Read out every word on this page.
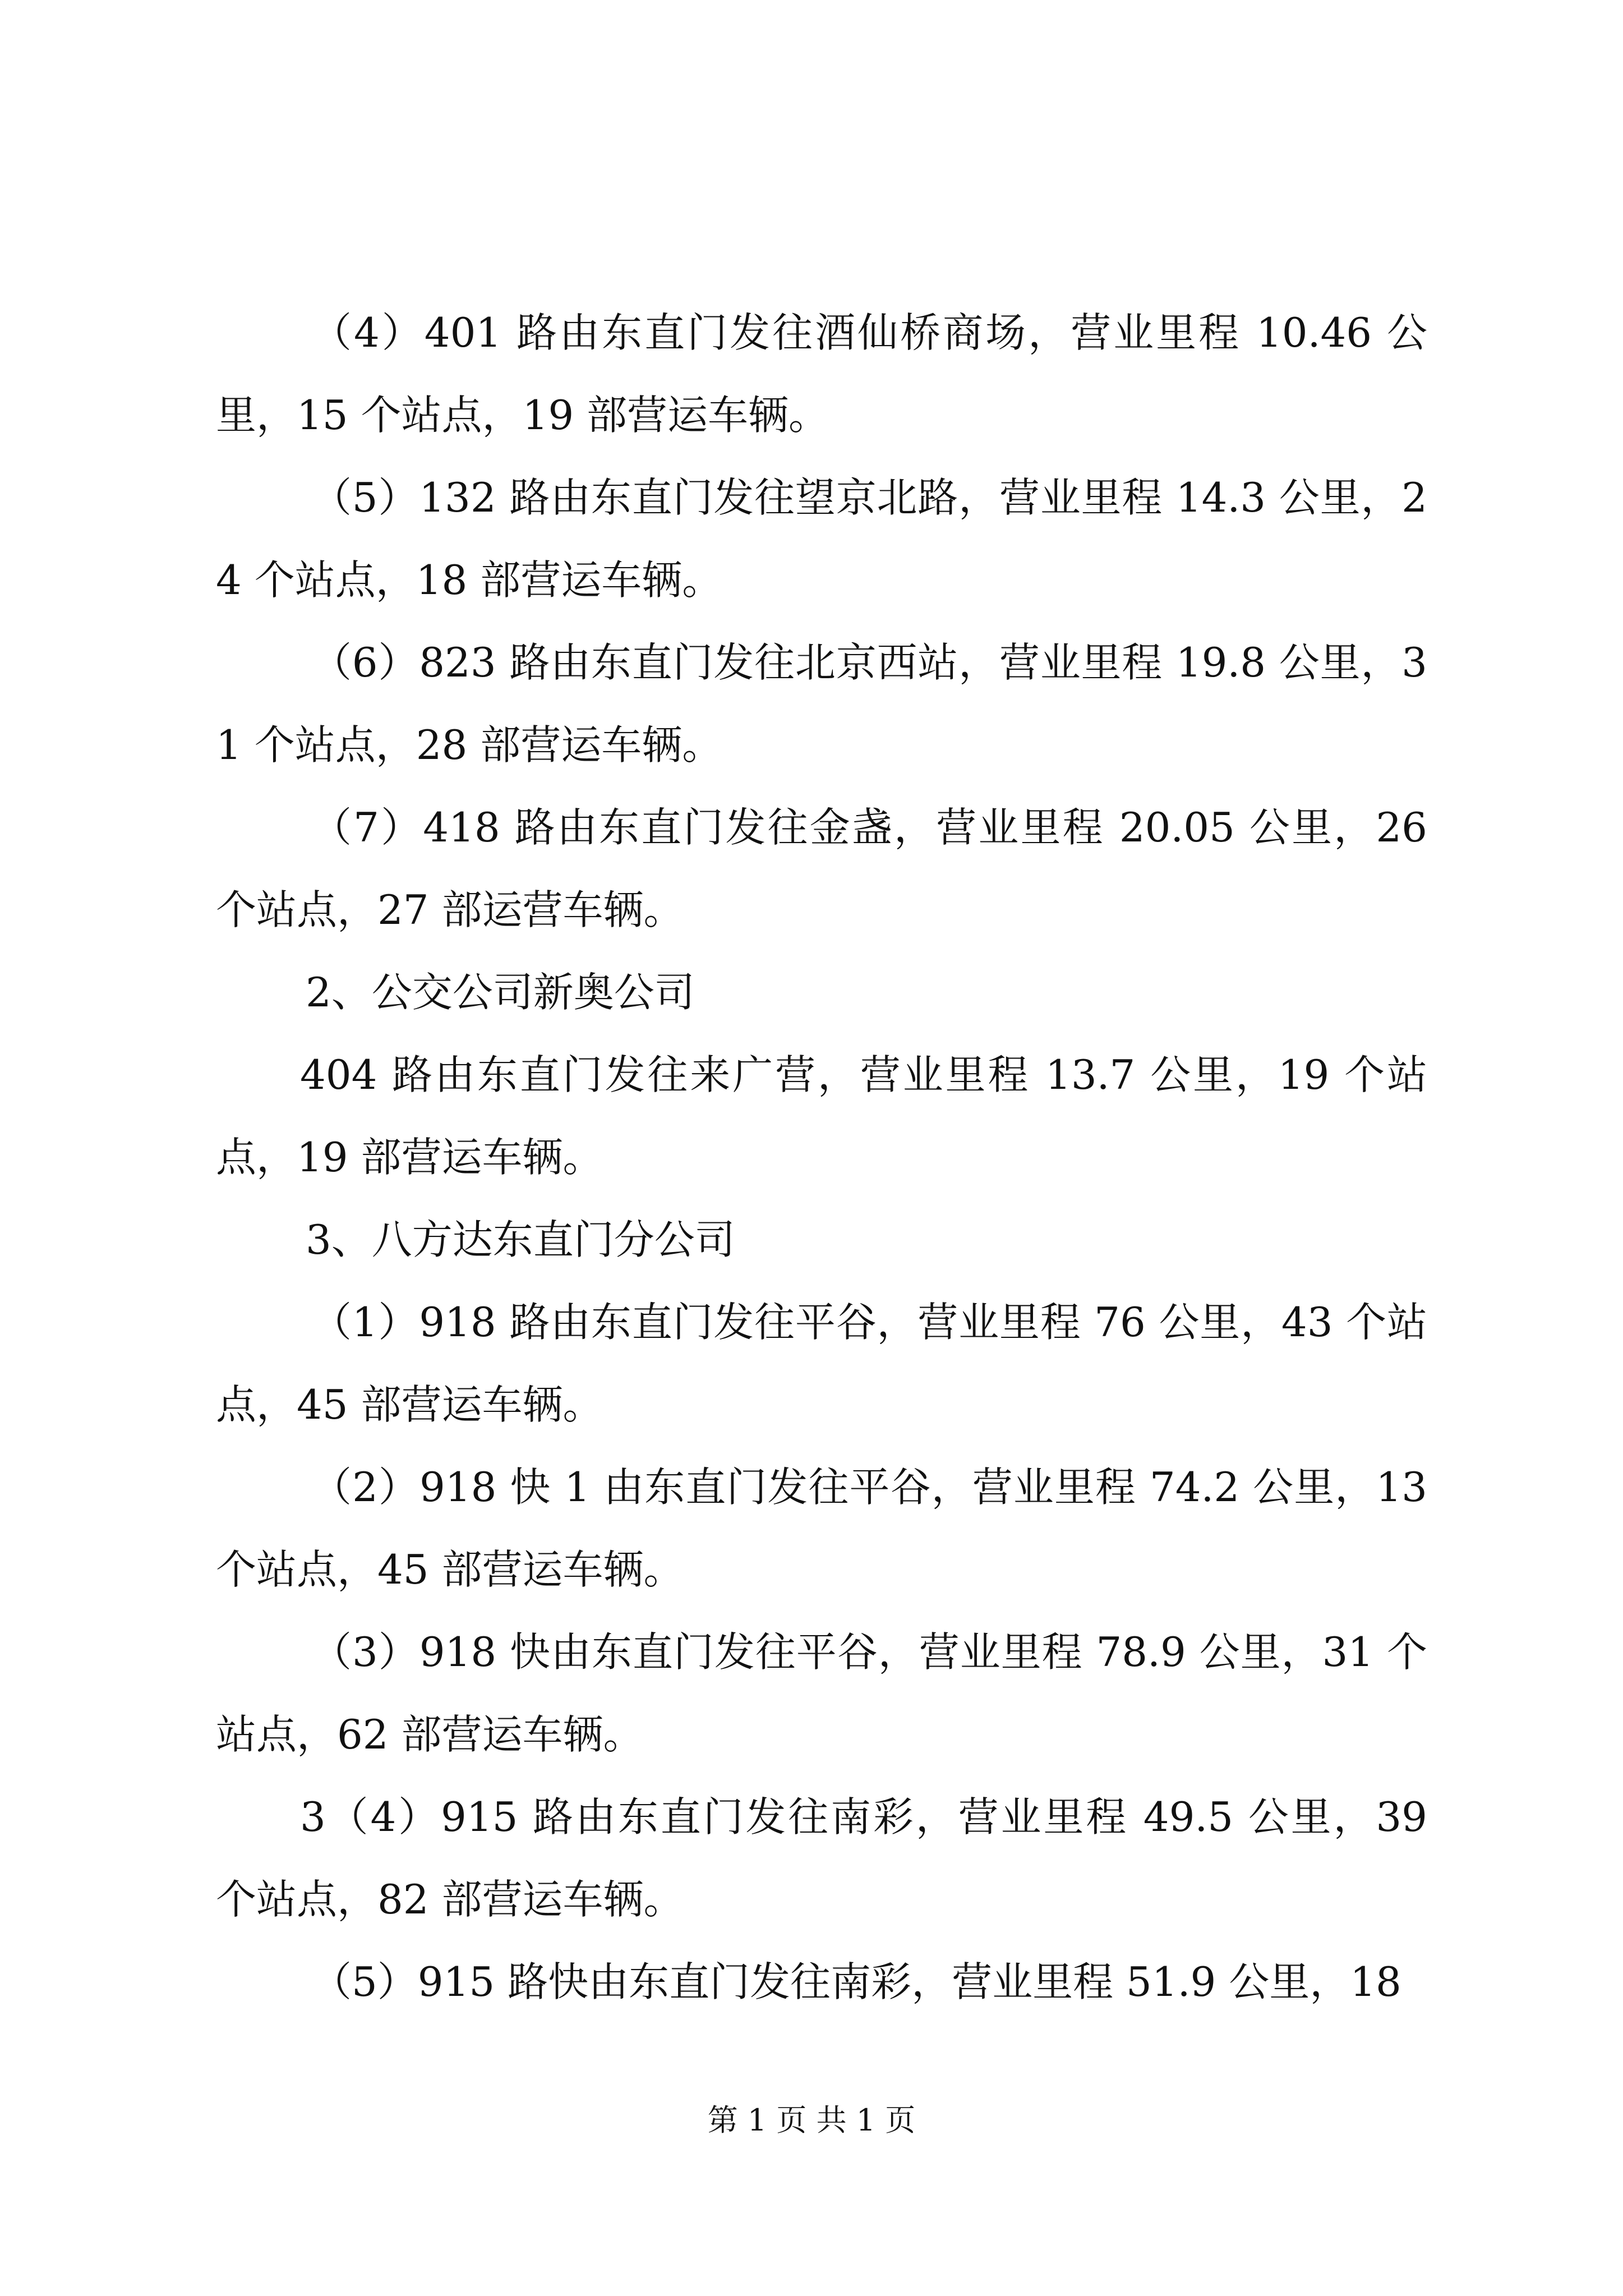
（4）401 路由东直门发往酒仙桥商场，营业里程 10.46 公里，15 个站点，19 部营运车辆。

（5）132 路由东直门发往望京北路，营业里程 14.3 公里，24 个站点，18 部营运车辆。

（6）823 路由东直门发往北京西站，营业里程 19.8 公里，31 个站点，28 部营运车辆。

（7）418 路由东直门发往金盏，营业里程 20.05 公里，26 个站点，27 部运营车辆。

2、公交公司新奥公司

404 路由东直门发往来广营，营业里程 13.7 公里，19 个站点，19 部营运车辆。

3、八方达东直门分公司

（1）918 路由东直门发往平谷，营业里程 76 公里，43 个站点，45 部营运车辆。

（2）918 快 1 由东直门发往平谷，营业里程 74.2 公里，13 个站点，45 部营运车辆。

（3）918 快由东直门发往平谷，营业里程 78.9 公里，31 个站点，62 部营运车辆。

3（4）915 路由东直门发往南彩，营业里程 49.5 公里，39 个站点，82 部营运车辆。

（5）915 路快由东直门发往南彩，营业里程 51.9 公里，18

第 1 页 共 1 页
